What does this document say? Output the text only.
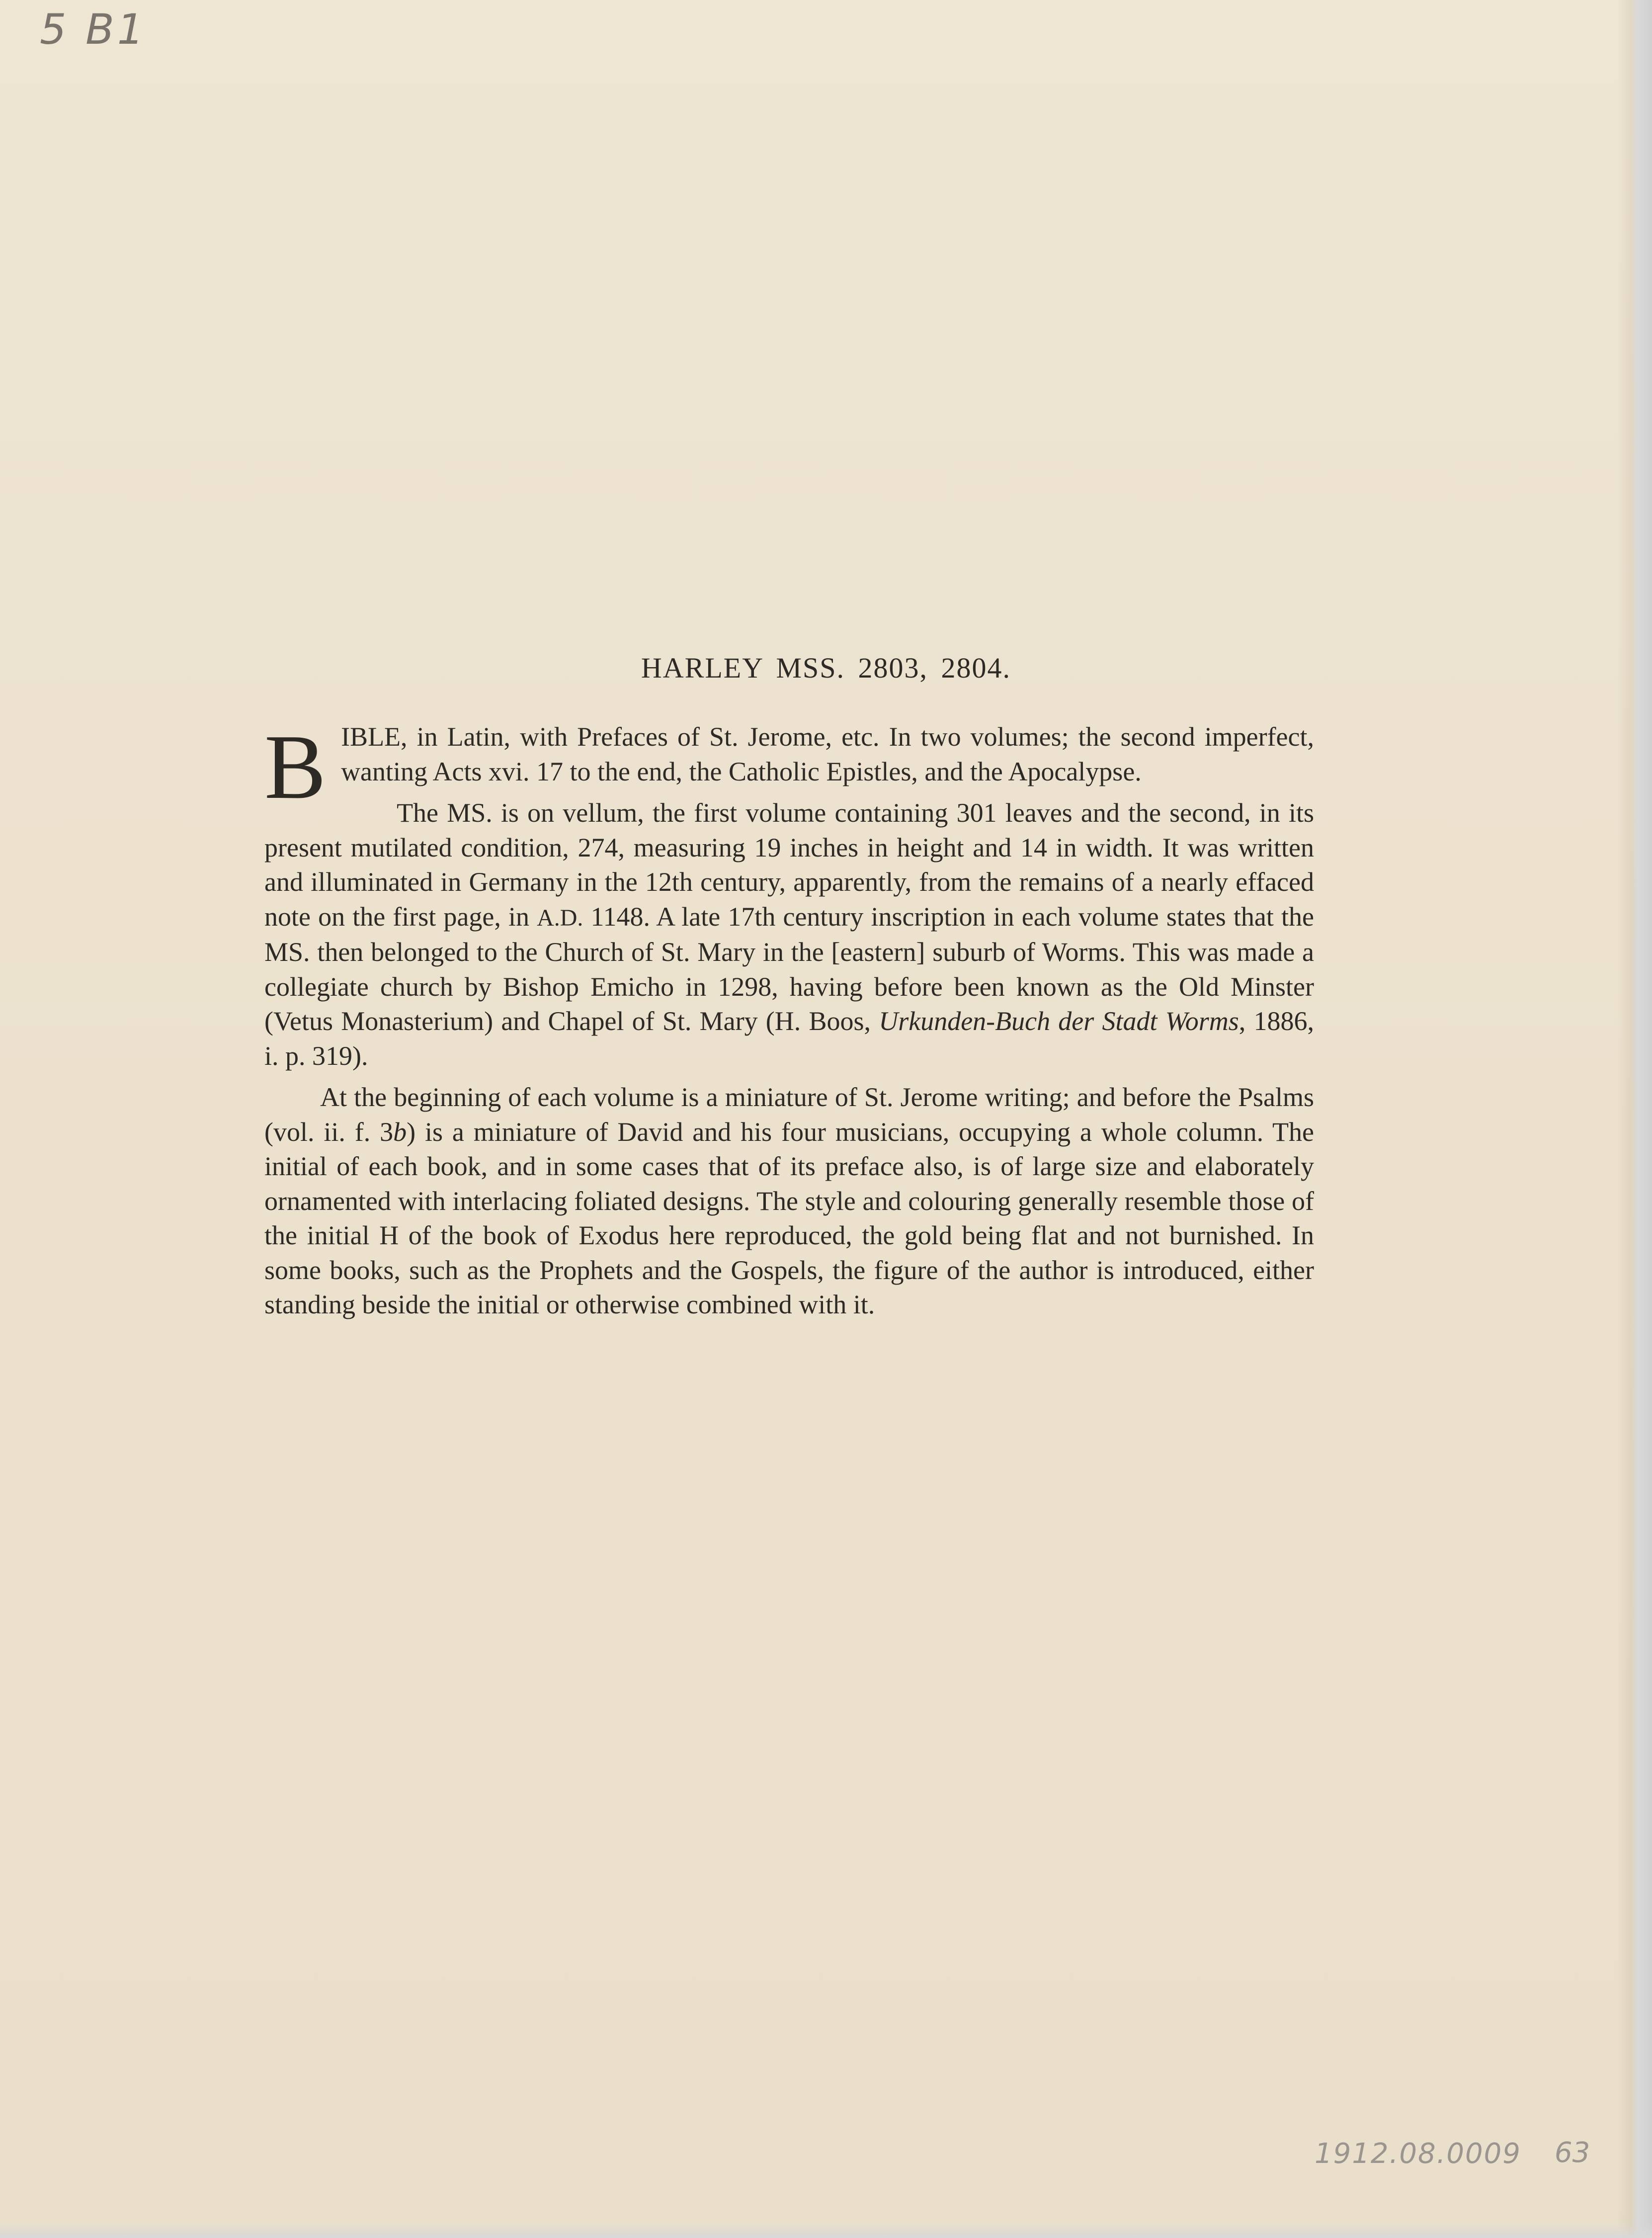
5 B1
HARLEY MSS. 2803, 2804.

BIBLE, in Latin, with Prefaces of St. Jerome, etc. In two volumes; the second imperfect, wanting Acts xvi. 17 to the end, the Catholic Epistles, and the Apocalypse.

The MS. is on vellum, the first volume containing 301 leaves and the second, in its present mutilated condition, 274, measuring 19 inches in height and 14 in width. It was written and illuminated in Germany in the 12th century, apparently, from the remains of a nearly effaced note on the first page, in A.D. 1148. A late 17th century inscription in each volume states that the MS. then belonged to the Church of St. Mary in the [eastern] suburb of Worms. This was made a collegiate church by Bishop Emicho in 1298, having before been known as the Old Minster (Vetus Monasterium) and Chapel of St. Mary (H. Boos, Urkunden-Buch der Stadt Worms, 1886, i. p. 319).

At the beginning of each volume is a miniature of St. Jerome writing; and before the Psalms (vol. ii. f. 3b) is a miniature of David and his four musicians, occupying a whole column. The initial of each book, and in some cases that of its preface also, is of large size and elaborately ornamented with interlacing foliated designs. The style and colouring generally resemble those of the initial H of the book of Exodus here reproduced, the gold being flat and not burnished. In some books, such as the Prophets and the Gospels, the figure of the author is introduced, either standing beside the initial or otherwise combined with it.

1912.08.0009 63
